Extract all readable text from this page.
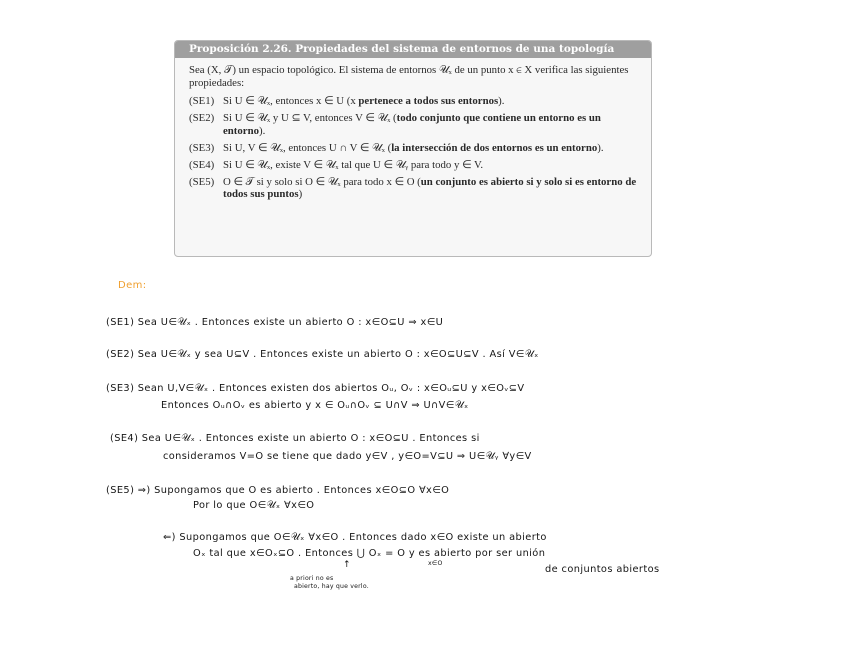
Proposición 2.26. Propiedades del sistema de entornos de una topología
Sea (X, 𝒯) un espacio topológico. El sistema de entornos 𝒰ₓ de un punto x ∈ X verifica las siguientes propiedades:
(SE1) Si U ∈ 𝒰ₓ, entonces x ∈ U (x pertenece a todos sus entornos).
(SE2) Si U ∈ 𝒰ₓ y U ⊆ V, entonces V ∈ 𝒰ₓ (todo conjunto que contiene un entorno es un entorno).
(SE3) Si U, V ∈ 𝒰ₓ, entonces U ∩ V ∈ 𝒰ₓ (la intersección de dos entornos es un entorno).
(SE4) Si U ∈ 𝒰ₓ, existe V ∈ 𝒰ₓ tal que U ∈ 𝒰ᵧ para todo y ∈ V.
(SE5) O ∈ 𝒯 si y solo si O ∈ 𝒰ₓ para todo x ∈ O (un conjunto es abierto si y solo si es entorno de todos sus puntos)
Dem:
(SE1) Sea U∈𝒰ₓ . Entonces existe un abierto O : x∈O⊆U ⇒ x∈U
(SE2) Sea U∈𝒰ₓ y sea U⊆V . Entonces existe un abierto O : x∈O⊆U⊆V . Así V∈𝒰ₓ
(SE3) Sean U,V∈𝒰ₓ . Entonces existen dos abiertos Oᵤ, Oᵥ : x∈Oᵤ⊆U y x∈Oᵥ⊆V
Entonces Oᵤ∩Oᵥ es abierto y x ∈ Oᵤ∩Oᵥ ⊆ U∩V ⇒ U∩V∈𝒰ₓ
(SE4) Sea U∈𝒰ₓ . Entonces existe un abierto O : x∈O⊆U . Entonces si
consideramos V=O se tiene que dado y∈V , y∈O=V⊆U ⇒ U∈𝒰ᵧ ∀y∈V
(SE5) ⇒) Supongamos que O es abierto . Entonces x∈O⊆O ∀x∈O
Por lo que O∈𝒰ₓ ∀x∈O
⇐) Supongamos que O∈𝒰ₓ ∀x∈O . Entonces dado x∈O existe un abierto
Oₓ tal que x∈Oₓ⊆O . Entonces ⋃ Oₓ = O y es abierto por ser unión
x∈O
de conjuntos abiertos
↑
a priori no es
abierto, hay que verlo.
